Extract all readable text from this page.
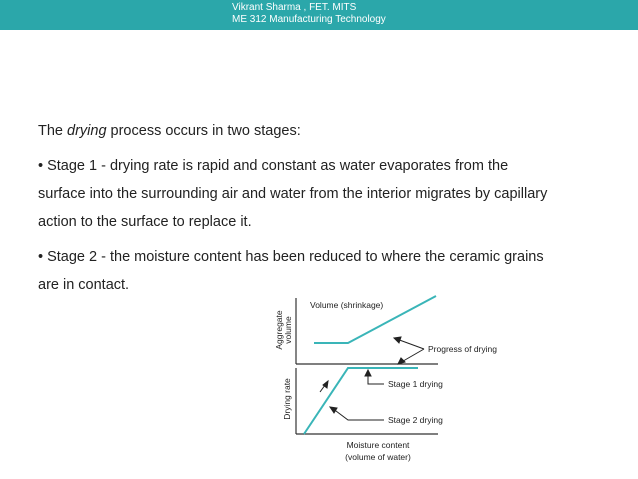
Vikrant Sharma , FET. MITS
ME 312 Manufacturing Technology

The drying process occurs in two stages:

• Stage 1 - drying rate is rapid and constant as water evaporates from the

surface into the surrounding air and water from the interior migrates by capillary

action to the surface to replace it.

• Stage 2 - the moisture content has been reduced to where the ceramic grains

are in contact.

Aggregate volume
Drying rate
Volume (shrinkage)
Progress of drying
Stage 1 drying
Stage 2 drying
Moisture content
(volume of water)
